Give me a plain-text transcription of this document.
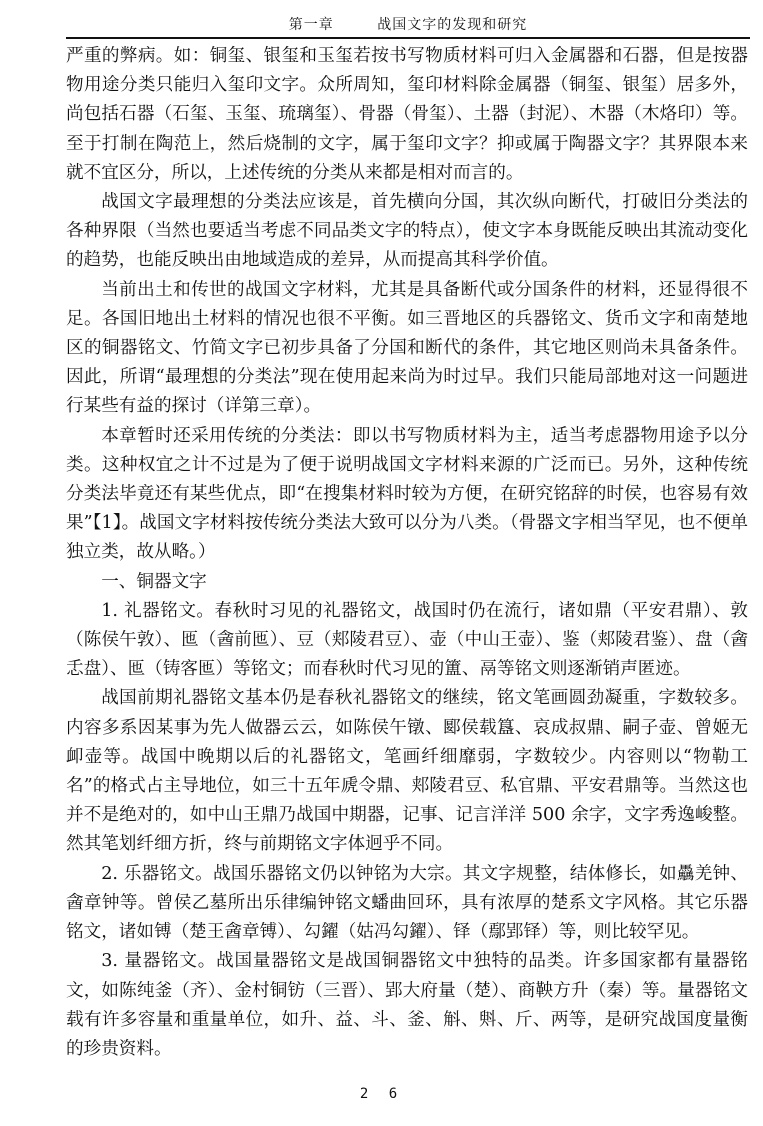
第一章	战国文字的发现和研究

严重的弊病。如：铜玺、银玺和玉玺若按书写物质材料可归入金属器和石器，但是按器物用途分类只能归入玺印文字。众所周知，玺印材料除金属器（铜玺、银玺）居多外，尚包括石器（石玺、玉玺、琉璃玺）、骨器（骨玺）、土器（封泥）、木器（木烙印）等。至于打制在陶范上，然后烧制的文字，属于玺印文字？抑或属于陶器文字？其界限本来就不宜区分，所以，上述传统的分类从来都是相对而言的。

战国文字最理想的分类法应该是，首先横向分国，其次纵向断代，打破旧分类法的各种界限（当然也要适当考虑不同品类文字的特点），使文字本身既能反映出其流动变化的趋势，也能反映出由地域造成的差异，从而提高其科学价值。

当前出土和传世的战国文字材料，尤其是具备断代或分国条件的材料，还显得很不足。各国旧地出土材料的情况也很不平衡。如三晋地区的兵器铭文、货币文字和南楚地区的铜器铭文、竹简文字已初步具备了分国和断代的条件，其它地区则尚未具备条件。因此，所谓“最理想的分类法”现在使用起来尚为时过早。我们只能局部地对这一问题进行某些有益的探讨（详第三章）。

本章暂时还采用传统的分类法：即以书写物质材料为主，适当考虑器物用途予以分类。这种权宜之计不过是为了便于说明战国文字材料来源的广泛而已。另外，这种传统分类法毕竟还有某些优点，即“在搜集材料时较为方便，在研究铭辞的时侯，也容易有效果”【1】。战国文字材料按传统分类法大致可以分为八类。（骨器文字相当罕见，也不便单独立类，故从略。）

一、铜器文字

1. 礼器铭文。春秋时习见的礼器铭文，战国时仍在流行，诸如鼎（平安君鼎）、敦（陈侯午敦）、匜（酓前匜）、豆（郏陵君豆）、壶（中山王壶）、鉴（郏陵君鉴）、盘（酓忎盘）、匜（铸客匜）等铭文；而春秋时代习见的簠、鬲等铭文则逐渐销声匿迹。

战国前期礼器铭文基本仍是春秋礼器铭文的继续，铭文笔画圆劲凝重，字数较多。内容多系因某事为先人做器云云，如陈侯午镦、郾侯载簋、哀成叔鼎、嗣子壶、曾姬无卹壶等。战国中晚期以后的礼器铭文，笔画纤细靡弱，字数较少。内容则以“物勒工名”的格式占主导地位，如三十五年虒令鼎、郏陵君豆、私官鼎、平安君鼎等。当然这也并不是绝对的，如中山王鼎乃战国中期器，记事、记言洋洋 500 余字，文字秀逸峻整。然其笔划纤细方折，终与前期铭文字体迥乎不同。

2. 乐器铭文。战国乐器铭文仍以钟铭为大宗。其文字规整，结体修长，如驫羌钟、酓章钟等。曾侯乙墓所出乐律编钟铭文蟠曲回环，具有浓厚的楚系文字风格。其它乐器铭文，诸如镈（楚王酓章镈）、勾鑃（姑冯勾鑃）、铎（鄢郢铎）等，则比较罕见。

3. 量器铭文。战国量器铭文是战国铜器铭文中独特的品类。许多国家都有量器铭文，如陈纯釜（齐）、金村铜钫（三晋）、郢大府量（楚）、商鞅方升（秦）等。量器铭文载有许多容量和重量单位，如升、益、斗、釜、斛、斞、斤、两等，是研究战国度量衡的珍贵资料。

2 6
